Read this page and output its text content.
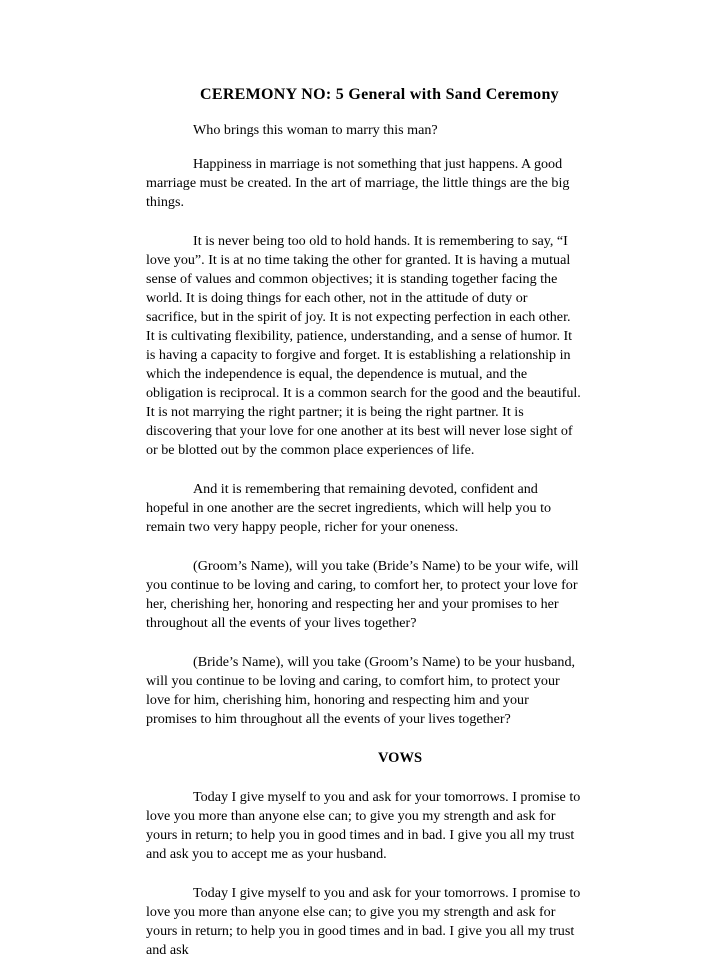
CEREMONY NO: 5 General with Sand Ceremony

Who brings this woman to marry this man?

Happiness in marriage is not something that just happens. A good marriage must be created. In the art of marriage, the little things are the big things.

It is never being too old to hold hands. It is remembering to say, “I love you”. It is at no time taking the other for granted. It is having a mutual sense of values and common objectives; it is standing together facing the world. It is doing things for each other, not in the attitude of duty or sacrifice, but in the spirit of joy. It is not expecting perfection in each other. It is cultivating flexibility, patience, understanding, and a sense of humor. It is having a capacity to forgive and forget. It is establishing a relationship in which the independence is equal, the dependence is mutual, and the obligation is reciprocal. It is a common search for the good and the beautiful. It is not marrying the right partner; it is being the right partner. It is discovering that your love for one another at its best will never lose sight of or be blotted out by the common place experiences of life.

And it is remembering that remaining devoted, confident and hopeful in one another are the secret ingredients, which will help you to remain two very happy people, richer for your oneness.

(Groom’s Name), will you take (Bride’s Name) to be your wife, will you continue to be loving and caring, to comfort her, to protect your love for her, cherishing her, honoring and respecting her and your promises to her throughout all the events of your lives together?

(Bride’s Name), will you take (Groom’s Name) to be your husband, will you continue to be loving and caring, to comfort him, to protect your love for him, cherishing him, honoring and respecting him and your promises to him throughout all the events of your lives together?

VOWS

Today I give myself to you and ask for your tomorrows. I promise to love you more than anyone else can; to give you my strength and ask for yours in return; to help you in good times and in bad. I give you all my trust and ask you to accept me as your husband.

Today I give myself to you and ask for your tomorrows. I promise to love you more than anyone else can; to give you my strength and ask for yours in return; to help you in good times and in bad. I give you all my trust and ask
